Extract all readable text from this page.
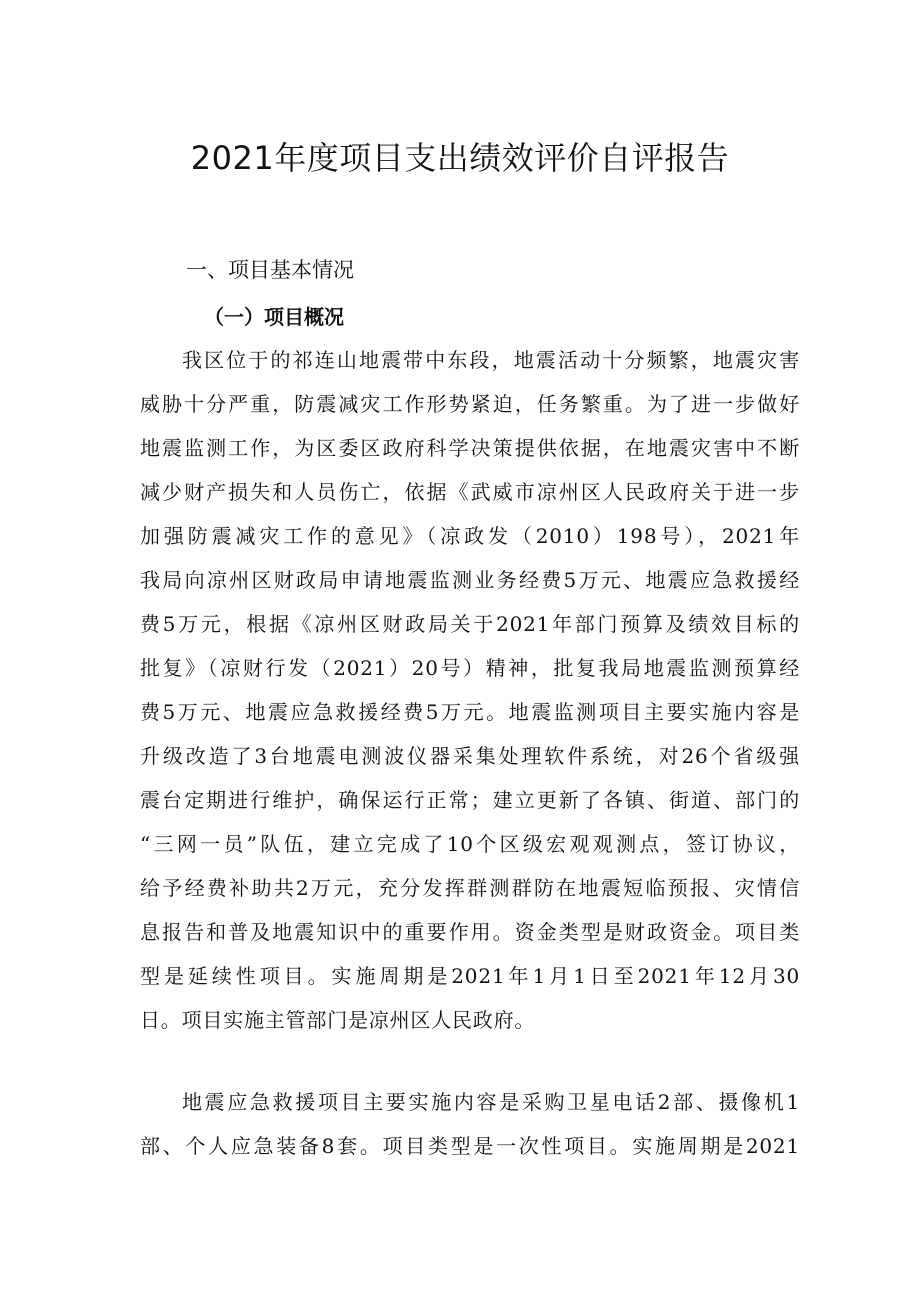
2021年度项目支出绩效评价自评报告
一、项目基本情况
（一）项目概况
我区位于的祁连山地震带中东段，地震活动十分频繁，地震灾害
威胁十分严重，防震减灾工作形势紧迫，任务繁重。为了进一步做好
地震监测工作，为区委区政府科学决策提供依据，在地震灾害中不断
减少财产损失和人员伤亡，依据《武威市凉州区人民政府关于进一步
加强防震减灾工作的意见》（凉政发（2010）198号），2021年
我局向凉州区财政局申请地震监测业务经费5万元、地震应急救援经
费5万元，根据《凉州区财政局关于2021年部门预算及绩效目标的
批复》（凉财行发（2021）20号）精神，批复我局地震监测预算经
费5万元、地震应急救援经费5万元。地震监测项目主要实施内容是
升级改造了3台地震电测波仪器采集处理软件系统，对26个省级强
震台定期进行维护，确保运行正常；建立更新了各镇、街道、部门的
“三网一员”队伍，建立完成了10个区级宏观观测点，签订协议，
给予经费补助共2万元，充分发挥群测群防在地震短临预报、灾情信
息报告和普及地震知识中的重要作用。资金类型是财政资金。项目类
型是延续性项目。实施周期是2021年1月1日至2021年12月30
日。项目实施主管部门是凉州区人民政府。
地震应急救援项目主要实施内容是采购卫星电话2部、摄像机1
部、个人应急装备8套。项目类型是一次性项目。实施周期是2021
